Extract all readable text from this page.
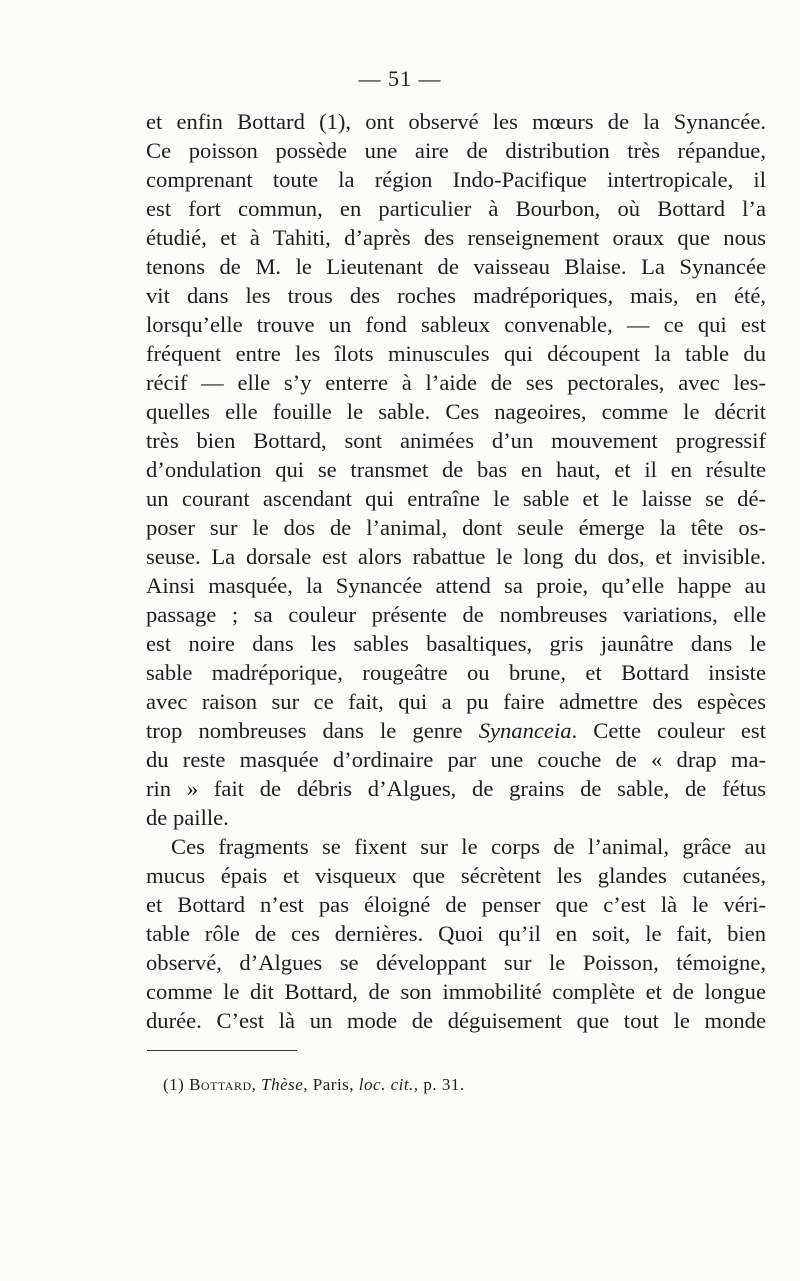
— 51 —
et enfin Bottard (1), ont observé les mœurs de la Synancée.
Ce poisson possède une aire de distribution très répandue,
comprenant toute la région Indo-Pacifique intertropicale, il
est fort commun, en particulier à Bourbon, où Bottard l’a
étudié, et à Tahiti, d’après des renseignement oraux que nous
tenons de M. le Lieutenant de vaisseau Blaise. La Synancée
vit dans les trous des roches madréporiques, mais, en été,
lorsqu’elle trouve un fond sableux convenable, — ce qui est
fréquent entre les îlots minuscules qui découpent la table du
récif — elle s’y enterre à l’aide de ses pectorales, avec les-
quelles elle fouille le sable. Ces nageoires, comme le décrit
très bien Bottard, sont animées d’un mouvement progressif
d’ondulation qui se transmet de bas en haut, et il en résulte
un courant ascendant qui entraîne le sable et le laisse se dé-
poser sur le dos de l’animal, dont seule émerge la tête os-
seuse. La dorsale est alors rabattue le long du dos, et invisible.
Ainsi masquée, la Synancée attend sa proie, qu’elle happe au
passage ; sa couleur présente de nombreuses variations, elle
est noire dans les sables basaltiques, gris jaunâtre dans le
sable madréporique, rougeâtre ou brune, et Bottard insiste
avec raison sur ce fait, qui a pu faire admettre des espèces
trop nombreuses dans le genre Synanceia. Cette couleur est
du reste masquée d’ordinaire par une couche de « drap ma-
rin » fait de débris d’Algues, de grains de sable, de fétus
de paille.
Ces fragments se fixent sur le corps de l’animal, grâce au
mucus épais et visqueux que sécrètent les glandes cutanées,
et Bottard n’est pas éloigné de penser que c’est là le véri-
table rôle de ces dernières. Quoi qu’il en soit, le fait, bien
observé, d’Algues se développant sur le Poisson, témoigne,
comme le dit Bottard, de son immobilité complète et de longue
durée. C’est là un mode de déguisement que tout le monde
(1) Bottard, Thèse, Paris, loc. cit., p. 31.
